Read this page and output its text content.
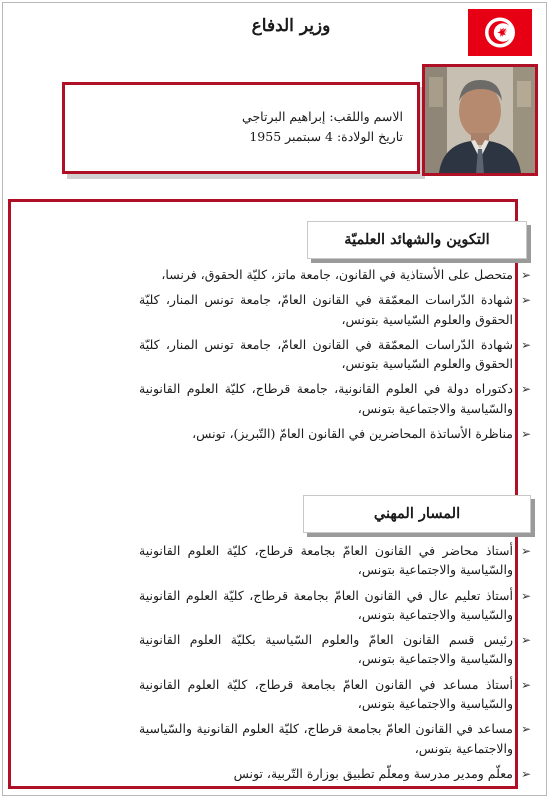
وزير الدفاع
الاسم واللقب: إبراهيم البرتاجي
تاريخ الولادة: 4 سبتمبر 1955
التكوين والشهائد العلميّة
➢
متحصل على الأستاذية في القانون، جامعة ماتز، كليّة الحقوق، فرنسا،
➢
شهادة الدّراسات المعمّقة في القانون العامّ، جامعة تونس المنار، كليّة الحقوق والعلوم السّياسية بتونس،
➢
شهادة الدّراسات المعمّقة في القانون العامّ، جامعة تونس المنار، كليّة الحقوق والعلوم السّياسية بتونس،
➢
دكتوراه دولة في العلوم القانونية، جامعة قرطاج، كليّة العلوم القانونية والسّياسية والاجتماعية بتونس،
➢
مناظرة الأساتذة المحاضرين في القانون العامّ (التّبريز)، تونس،
المسار المهني
➢
أستاذ محاضر في القانون العامّ بجامعة قرطاج، كليّة العلوم القانونية والسّياسية والاجتماعية بتونس،
➢
أستاذ تعليم عال في القانون العامّ بجامعة قرطاج، كليّة العلوم القانونية والسّياسية والاجتماعية بتونس،
➢
رئيس قسم القانون العامّ والعلوم السّياسية بكليّة العلوم القانونية والسّياسية والاجتماعية بتونس،
➢
أستاذ مساعد في القانون العامّ بجامعة قرطاج، كليّة العلوم القانونية والسّياسية والاجتماعية بتونس،
➢
مساعد في القانون العامّ بجامعة قرطاج، كليّة العلوم القانونية والسّياسية والاجتماعية بتونس،
➢
معلّم ومدير مدرسة ومعلّم تطبيق بوزارة التّربية، تونس
